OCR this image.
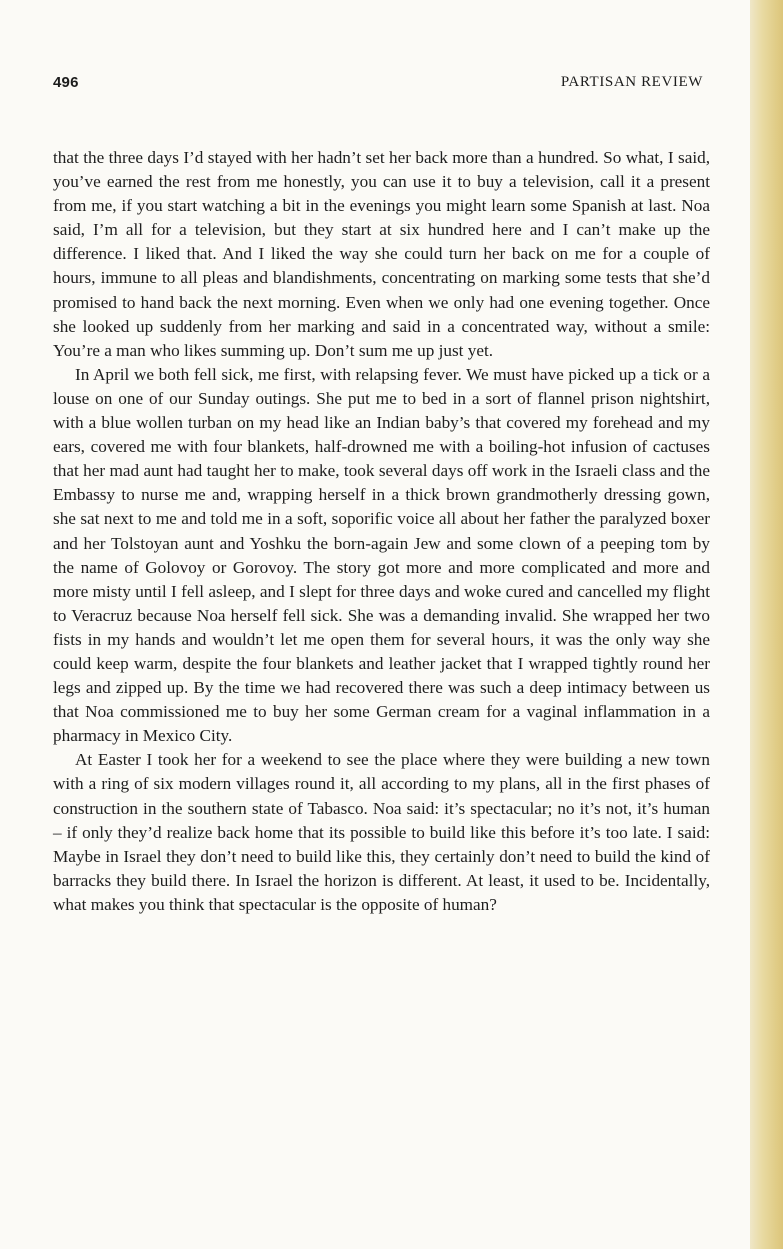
496	PARTISAN REVIEW

that the three days I’d stayed with her hadn’t set her back more than a hundred. So what, I said, you’ve earned the rest from me honestly, you can use it to buy a television, call it a present from me, if you start watching a bit in the evenings you might learn some Spanish at last. Noa said, I’m all for a television, but they start at six hundred here and I can’t make up the difference. I liked that. And I liked the way she could turn her back on me for a couple of hours, immune to all pleas and blandishments, concentrating on marking some tests that she’d promised to hand back the next morning. Even when we only had one evening together. Once she looked up suddenly from her marking and said in a concentrated way, without a smile: You’re a man who likes summing up. Don’t sum me up just yet.

In April we both fell sick, me first, with relapsing fever. We must have picked up a tick or a louse on one of our Sunday outings. She put me to bed in a sort of flannel prison nightshirt, with a blue wollen turban on my head like an Indian baby’s that covered my forehead and my ears, covered me with four blankets, half-drowned me with a boiling-hot infusion of cactuses that her mad aunt had taught her to make, took several days off work in the Israeli class and the Embassy to nurse me and, wrapping herself in a thick brown grandmotherly dressing gown, she sat next to me and told me in a soft, soporific voice all about her father the paralyzed boxer and her Tolstoyan aunt and Yoshku the born-again Jew and some clown of a peeping tom by the name of Golovoy or Gorovoy. The story got more and more complicated and more and more misty until I fell asleep, and I slept for three days and woke cured and cancelled my flight to Veracruz because Noa herself fell sick. She was a demanding invalid. She wrapped her two fists in my hands and wouldn’t let me open them for several hours, it was the only way she could keep warm, despite the four blankets and leather jacket that I wrapped tightly round her legs and zipped up. By the time we had recovered there was such a deep intimacy between us that Noa commissioned me to buy her some German cream for a vaginal inflammation in a pharmacy in Mexico City.

At Easter I took her for a weekend to see the place where they were building a new town with a ring of six modern villages round it, all according to my plans, all in the first phases of construction in the southern state of Tabasco. Noa said: it’s spectacular; no it’s not, it’s human – if only they’d realize back home that its possible to build like this before it’s too late. I said: Maybe in Israel they don’t need to build like this, they certainly don’t need to build the kind of barracks they build there. In Israel the horizon is different. At least, it used to be. Incidentally, what makes you think that spectacular is the opposite of human?
